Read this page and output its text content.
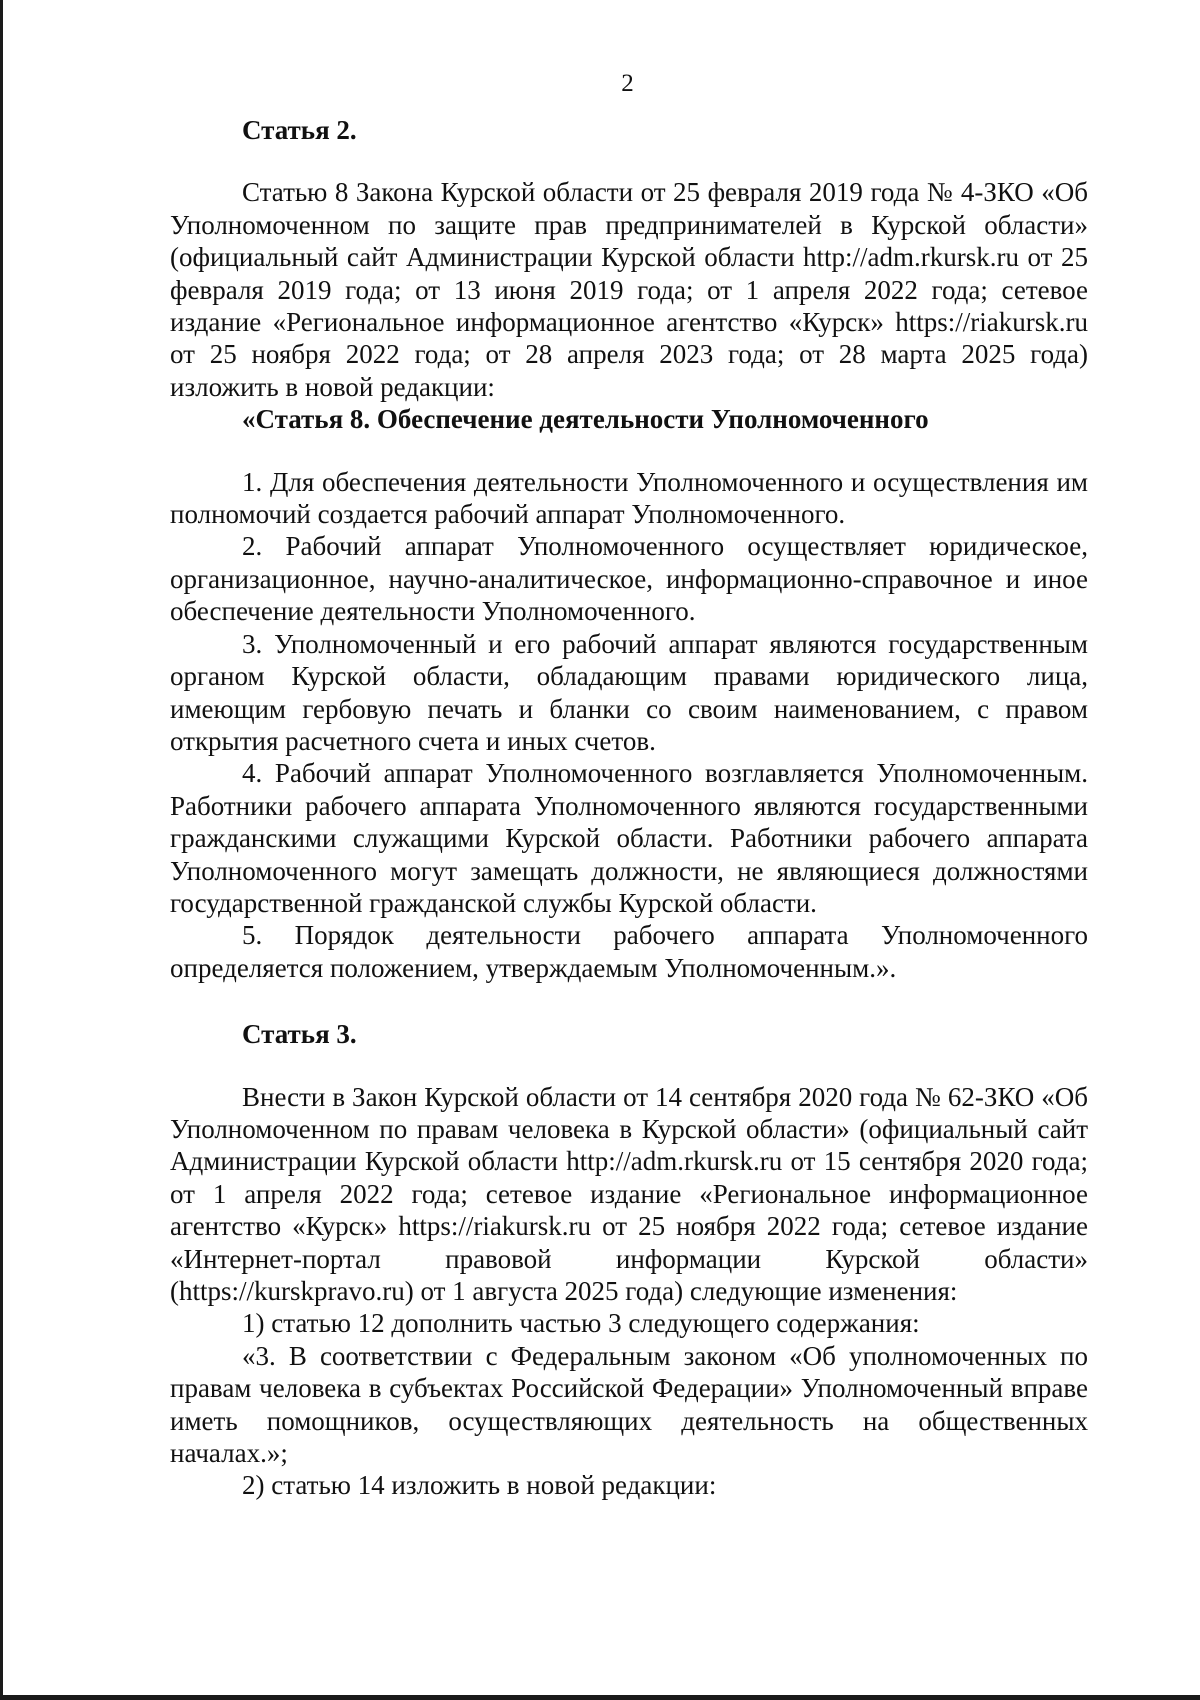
2

Статья 2.

Статью 8 Закона Курской области от 25 февраля 2019 года № 4-ЗКО «Об Уполномоченном по защите прав предпринимателей в Курской области» (официальный сайт Администрации Курской области http://adm.rkursk.ru от 25 февраля 2019 года; от 13 июня 2019 года; от 1 апреля 2022 года; сетевое издание «Региональное информационное агентство «Курск» https://riakursk.ru от 25 ноября 2022 года; от 28 апреля 2023 года; от 28 марта 2025 года) изложить в новой редакции:

«Статья 8. Обеспечение деятельности Уполномоченного

1. Для обеспечения деятельности Уполномоченного и осуществления им полномочий создается рабочий аппарат Уполномоченного.

2. Рабочий аппарат Уполномоченного осуществляет юридическое, организационное, научно-аналитическое, информационно-справочное и иное обеспечение деятельности Уполномоченного.

3. Уполномоченный и его рабочий аппарат являются государственным органом Курской области, обладающим правами юридического лица, имеющим гербовую печать и бланки со своим наименованием, с правом открытия расчетного счета и иных счетов.

4. Рабочий аппарат Уполномоченного возглавляется Уполномоченным. Работники рабочего аппарата Уполномоченного являются государственными гражданскими служащими Курской области. Работники рабочего аппарата Уполномоченного могут замещать должности, не являющиеся должностями государственной гражданской службы Курской области.

5. Порядок деятельности рабочего аппарата Уполномоченного определяется положением, утверждаемым Уполномоченным.».

Статья 3.

Внести в Закон Курской области от 14 сентября 2020 года № 62-ЗКО «Об Уполномоченном по правам человека в Курской области» (официальный сайт Администрации Курской области http://adm.rkursk.ru от 15 сентября 2020 года; от 1 апреля 2022 года; сетевое издание «Региональное информационное агентство «Курск» https://riakursk.ru от 25 ноября 2022 года; сетевое издание «Интернет-портал правовой информации Курской области» (https://kurskpravo.ru) от 1 августа 2025 года) следующие изменения:

1) статью 12 дополнить частью 3 следующего содержания:

«3. В соответствии с Федеральным законом «Об уполномоченных по правам человека в субъектах Российской Федерации» Уполномоченный вправе иметь помощников, осуществляющих деятельность на общественных началах.»;

2) статью 14 изложить в новой редакции:
